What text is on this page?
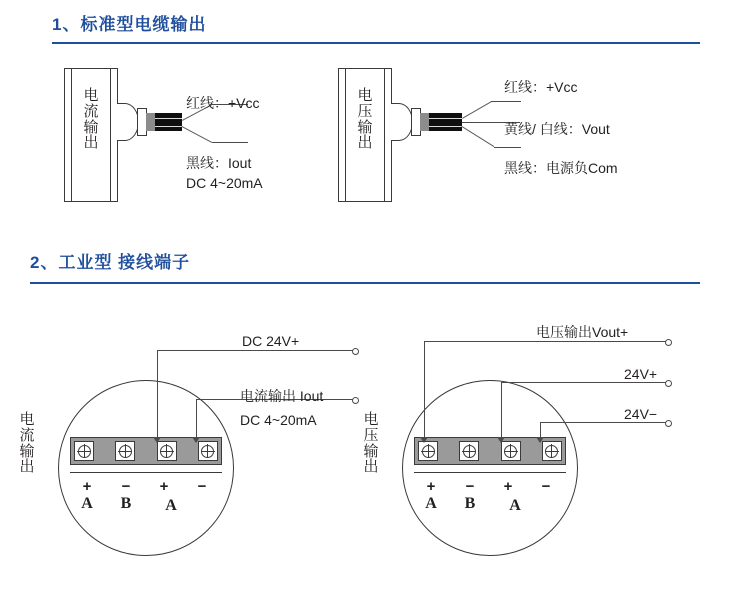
1、标准型电缆输出
电
流
输
出
红线：+Vcc
黑线：Iout
DC 4~20mA
电
压
输
出
红线：+Vcc
黄线/ 白线：Vout
黑线：电源负Com
2、工业型 接线端子
电
流
输
出
+	−	+	−
A	B	A
DC 24V+
电流输出 Iout
DC 4~20mA	电
压
输
出
+	−	+	−
A	B	A
电压输出Vout+
24V+
24V−
